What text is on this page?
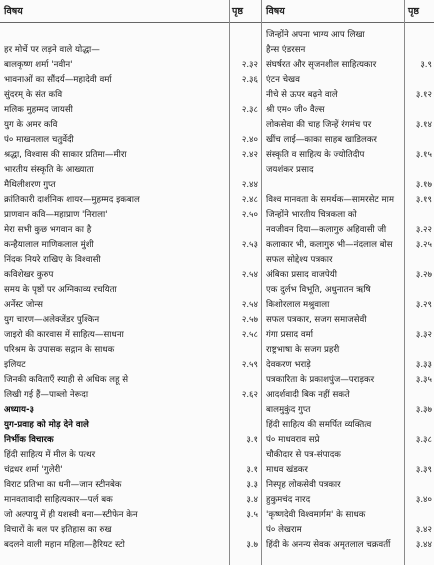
विषय	पृष्ठ विषय	पृष्ठ
जिन्होंने अपना भाग्य आप लिखा
हर मोर्चे पर लड़ने वाले योद्धा—	हैन्स एंडरसन
बालकृष्ण शर्मा 'नवीन'	२.३२ संघर्षरत और सृजनशील साहित्यकार	३.९
भावनाओं का सौंदर्य—महादेवी वर्मा	२.३६ एंटन चेखव
सुंदरम् के संत कवि	नीचे से ऊपर बढ़ने वाले	३.१२
मलिक मुहम्मद जायसी	२.३८ श्री एम० जी० वैल्स
युग के अमर कवि	लोकसेवा की चाह जिन्हें रंगमंच पर	३.१४
पं० माखनलाल चतुर्वेदी	२.४० खींच लाई—काका साहब खाडिलकर
श्रद्धा, विश्वास की साकार प्रतिमा—मीरा	२.४२ संस्कृति व साहित्य के ज्योतिदीप	३.१५
भारतीय संस्कृति के आख्याता	जयशंकर प्रसाद
मैथिलीशरण गुप्त	२.४४	३.१७
क्रांतिकारी दार्शनिक शायर—मुहम्मद इकबाल	२.४८ विश्व मानवता के समर्थक—सामरसेट माम	३.१९
प्राणवान कवि—महाप्राण 'निराला'	२.५० जिन्होंने भारतीय चित्रकला को
मेरा सभी कुछ भगवान का है	नवजीवन दिया—कलागुरु अहिवासी जी	३.२२
कन्हैयालाल माणिकलाल मुंशी	२.५३ कलाकार भी, कलागुरु भी—नंदलाल बोस	३.२५
निंदक नियरे राखिए के विश्वासी	सफल सोद्देश्य पत्रकार
कविशेखर कुरुप	२.५४ अंबिका प्रसाद वाजपेयी	३.२७
समय के पृष्ठों पर अग्निकाव्य रचयिता	एक दुर्लभ विभूति, अधुनातन ऋषि
अर्नेस्ट जोन्स	२.५४ किशोरलाल मश्रुवाला	३.२९
युग चारण—अलेक्जेंडर पुश्किन	२.५७ सफल पत्रकार, सजग समाजसेवी
जाइरो की कारवास में साहित्य—साधना	२.५८ गंगा प्रसाद वर्मा	३.३२
परिश्रम के उपासक सद्गान के साधक	राष्ट्रभाषा के सजग प्रहरी
इलियट	२.५९ देवकरण भराड़े	३.३३
जिनकी कविताएँ स्याही से अधिक लहू से	पत्रकारिता के प्रकाशपुंज—पराड़कर	३.३५
लिखी गई हैं—पाब्लो नेरूदा	२.६२ आदर्शवादी बिक नहीं सकते
अध्याय-३	बालमुकुंद गुप्त	३.३७
युग-प्रवाह को मोड़ देने वाले	हिंदी साहित्य की समर्पित व्यक्तित्व
निर्भीक विचारक	३.१ पं० माधवराव सप्रे	३.३८
हिंदी साहित्य में मील के पत्थर	चौकीदार से पत्र-संपादक
चंद्रधर शर्मा 'गुलेरी'	३.१ माधव खंडकर	३.३९
विराट प्रतिभा का धनी—जान स्टीनबेक	३.३ निस्पृह लोकसेवी पत्रकार
मानवतावादी साहित्यकार—पर्ल बक	३.४ हुकुमचंद नारद	३.४०
जो अल्पायु में ही यशस्वी बना—स्टीफेन केन	३.५ 'कृष्णदेवी विश्वमार्गम' के साधक
विचारों के बल पर इतिहास का रुख	पं० लेखराम	३.४२
बदलने वाली महान महिला—हैरियट स्टो	३.७ हिंदी के अनन्य सेवक अमृतलाल चक्रवर्ती	३.४४
